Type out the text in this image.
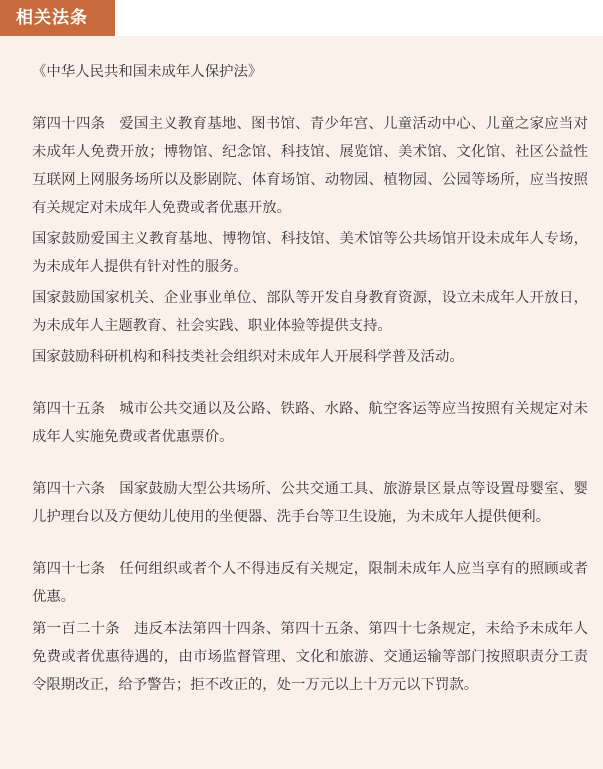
相关法条
《中华人民共和国未成年人保护法》

第四十四条 爱国主义教育基地、图书馆、青少年宫、儿童活动中心、儿童之家应当对未成年人免费开放；博物馆、纪念馆、科技馆、展览馆、美术馆、文化馆、社区公益性互联网上网服务场所以及影剧院、体育场馆、动物园、植物园、公园等场所，应当按照有关规定对未成年人免费或者优惠开放。

国家鼓励爱国主义教育基地、博物馆、科技馆、美术馆等公共场馆开设未成年人专场，为未成年人提供有针对性的服务。

国家鼓励国家机关、企业事业单位、部队等开发自身教育资源，设立未成年人开放日，为未成年人主题教育、社会实践、职业体验等提供支持。

国家鼓励科研机构和科技类社会组织对未成年人开展科学普及活动。

第四十五条 城市公共交通以及公路、铁路、水路、航空客运等应当按照有关规定对未成年人实施免费或者优惠票价。

第四十六条 国家鼓励大型公共场所、公共交通工具、旅游景区景点等设置母婴室、婴儿护理台以及方便幼儿使用的坐便器、洗手台等卫生设施，为未成年人提供便利。

第四十七条 任何组织或者个人不得违反有关规定，限制未成年人应当享有的照顾或者优惠。

第一百二十条 违反本法第四十四条、第四十五条、第四十七条规定，未给予未成年人免费或者优惠待遇的，由市场监督管理、文化和旅游、交通运输等部门按照职责分工责令限期改正，给予警告；拒不改正的，处一万元以上十万元以下罚款。
